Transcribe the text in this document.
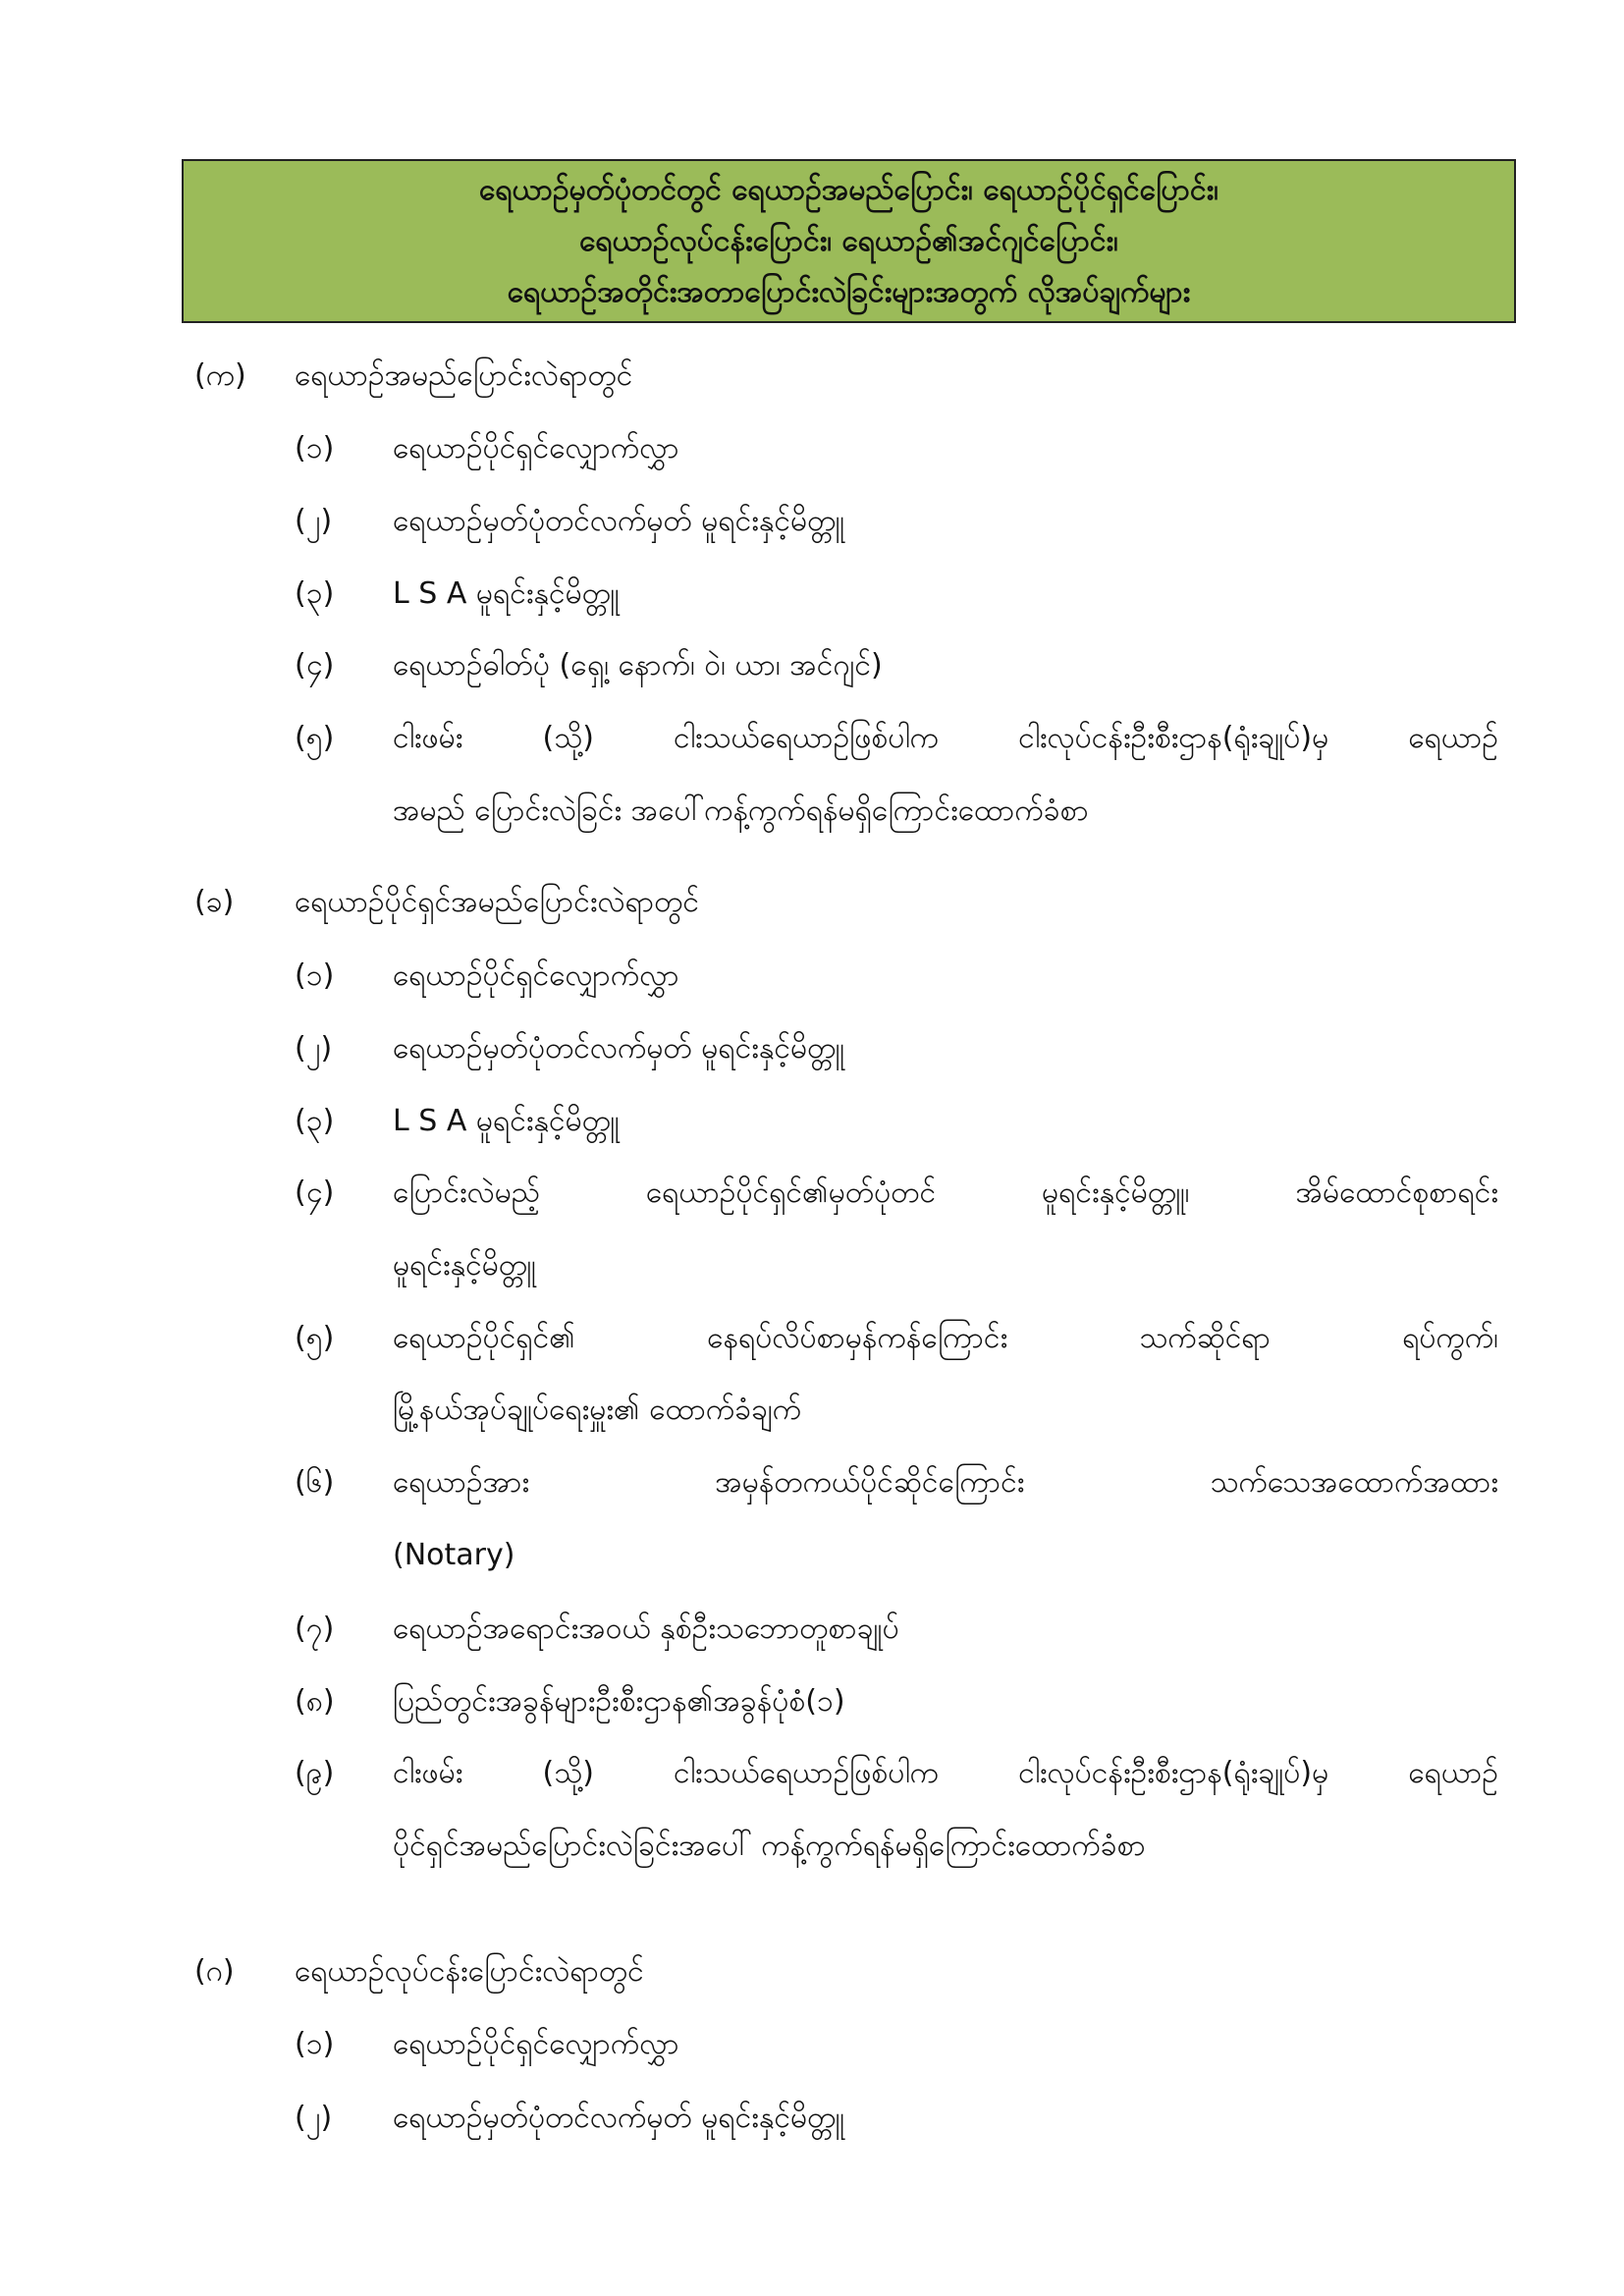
ရေယာဉ်မှတ်ပုံတင်တွင် ရေယာဉ်အမည်ပြောင်း၊ ရေယာဉ်ပိုင်ရှင်ပြောင်း၊
ရေယာဉ်လုပ်ငန်းပြောင်း၊ ရေယာဉ်၏အင်ဂျင်ပြောင်း၊
ရေယာဉ်အတိုင်းအတာပြောင်းလဲခြင်းများအတွက် လိုအပ်ချက်များ
(က) ရေယာဉ်အမည်ပြောင်းလဲရာတွင်
(၁) ရေယာဉ်ပိုင်ရှင်လျှောက်လွှာ
(၂) ရေယာဉ်မှတ်ပုံတင်လက်မှတ် မူရင်းနှင့်မိတ္တူ
(၃) L S A မူရင်းနှင့်မိတ္တူ
(၄) ရေယာဉ်ဓါတ်ပုံ (ရှေ့၊ နောက်၊ ဝဲ၊ ယာ၊ အင်ဂျင်)
(၅) ငါးဖမ်း (သို့) ငါးသယ်ရေယာဉ်ဖြစ်ပါက ငါးလုပ်ငန်းဦးစီးဌာန(ရုံးချုပ်)မှ ရေယာဉ်
အမည် ပြောင်းလဲခြင်း အပေါ်ကန့်ကွက်ရန်မရှိကြောင်းထောက်ခံစာ
(ခ) ရေယာဉ်ပိုင်ရှင်အမည်ပြောင်းလဲရာတွင်
(၁) ရေယာဉ်ပိုင်ရှင်လျှောက်လွှာ
(၂) ရေယာဉ်မှတ်ပုံတင်လက်မှတ် မူရင်းနှင့်မိတ္တူ
(၃) L S A မူရင်းနှင့်မိတ္တူ
(၄) ပြောင်းလဲမည့် ရေယာဉ်ပိုင်ရှင်၏မှတ်ပုံတင် မူရင်းနှင့်မိတ္တူ၊ အိမ်ထောင်စုစာရင်း
မူရင်းနှင့်မိတ္တူ
(၅) ရေယာဉ်ပိုင်ရှင်၏ နေရပ်လိပ်စာမှန်ကန်ကြောင်း သက်ဆိုင်ရာ ရပ်ကွက်၊
မြို့နယ်အုပ်ချုပ်ရေးမှူး၏ ထောက်ခံချက်
(၆) ရေယာဉ်အား အမှန်တကယ်ပိုင်ဆိုင်ကြောင်း သက်သေအထောက်အထား
(Notary)
(၇) ရေယာဉ်အရောင်းအဝယ် နှစ်ဦးသဘောတူစာချုပ်
(၈) ပြည်တွင်းအခွန်များဦးစီးဌာန၏အခွန်ပုံစံ(၁)
(၉) ငါးဖမ်း (သို့) ငါးသယ်ရေယာဉ်ဖြစ်ပါက ငါးလုပ်ငန်းဦးစီးဌာန(ရုံးချုပ်)မှ ရေယာဉ်
ပိုင်ရှင်အမည်ပြောင်းလဲခြင်းအပေါ် ကန့်ကွက်ရန်မရှိကြောင်းထောက်ခံစာ
(ဂ) ရေယာဉ်လုပ်ငန်းပြောင်းလဲရာတွင်
(၁) ရေယာဉ်ပိုင်ရှင်လျှောက်လွှာ
(၂) ရေယာဉ်မှတ်ပုံတင်လက်မှတ် မူရင်းနှင့်မိတ္တူ
